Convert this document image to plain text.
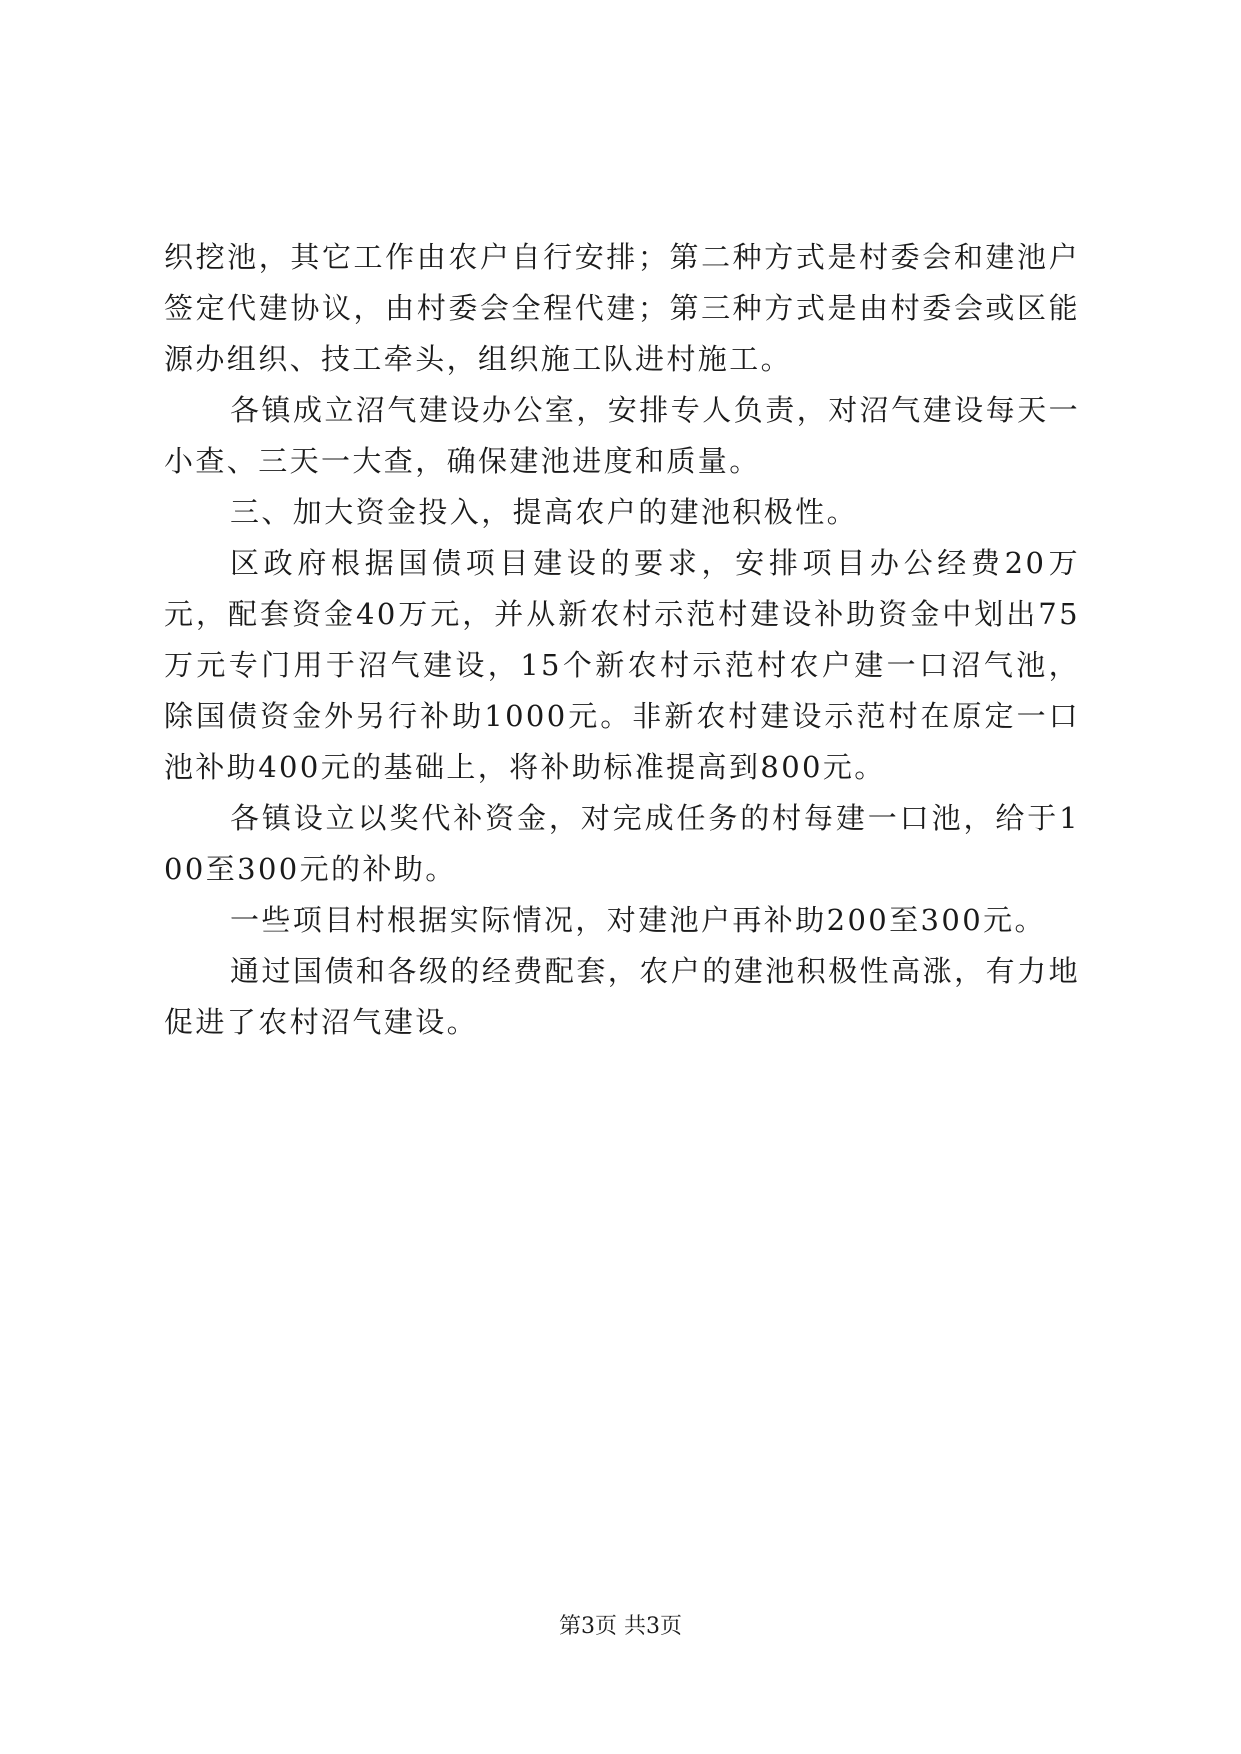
织挖池，其它工作由农户自行安排；第二种方式是村委会和建池户签定代建协议，由村委会全程代建；第三种方式是由村委会或区能源办组织、技工牵头，组织施工队进村施工。

各镇成立沼气建设办公室，安排专人负责，对沼气建设每天一小查、三天一大查，确保建池进度和质量。

三、加大资金投入，提高农户的建池积极性。

区政府根据国债项目建设的要求，安排项目办公经费20万元，配套资金40万元，并从新农村示范村建设补助资金中划出75万元专门用于沼气建设，15个新农村示范村农户建一口沼气池，除国债资金外另行补助1000元。非新农村建设示范村在原定一口池补助400元的基础上，将补助标准提高到800元。

各镇设立以奖代补资金，对完成任务的村每建一口池，给于100至300元的补助。

一些项目村根据实际情况，对建池户再补助200至300元。

通过国债和各级的经费配套，农户的建池积极性高涨，有力地促进了农村沼气建设。

第3页 共3页
